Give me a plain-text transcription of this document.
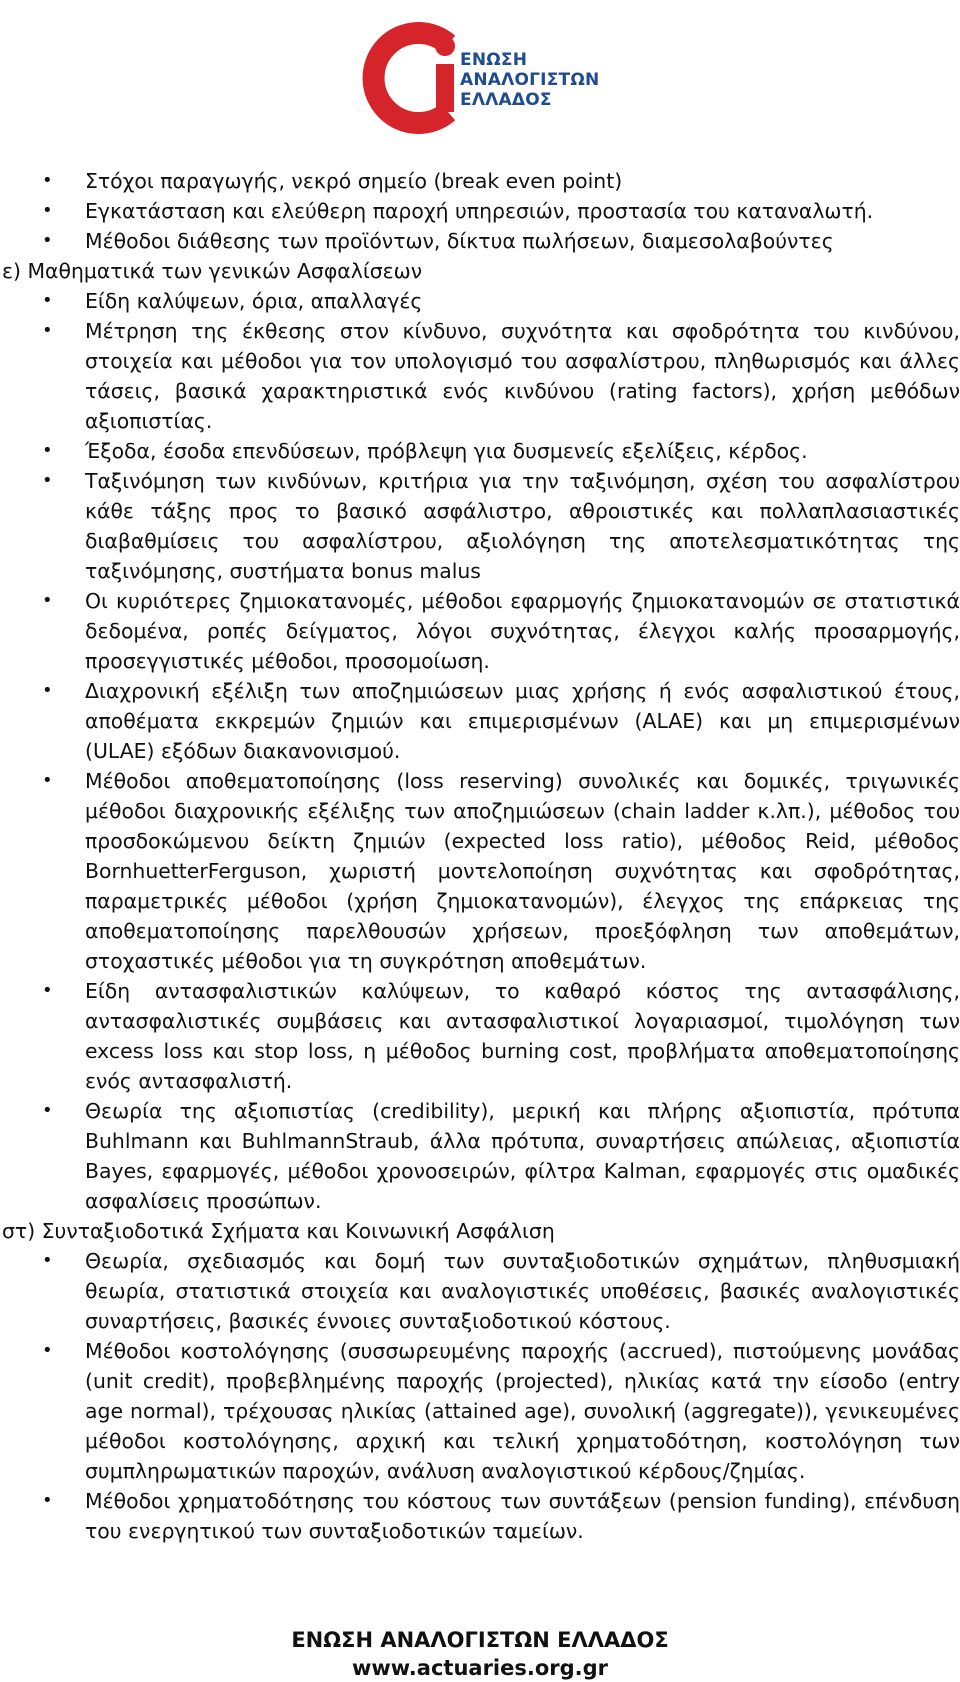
ΕΝΩΣΗ
ΑΝΑΛΟΓΙΣΤΩΝ
ΕΛΛΑΔΟΣ
• Στόχοι παραγωγής, νεκρό σημείο (break even point)
• Εγκατάσταση και ελεύθερη παροχή υπηρεσιών, προστασία του καταναλωτή.
• Μέθοδοι διάθεσης των προϊόντων, δίκτυα πωλήσεων, διαμεσολαβούντες
ε) Μαθηματικά των γενικών Ασφαλίσεων
• Είδη καλύψεων, όρια, απαλλαγές
• Μέτρηση της έκθεσης στον κίνδυνο, συχνότητα και σφοδρότητα του κινδύνου, στοιχεία και μέθοδοι για τον υπολογισμό του ασφαλίστρου, πληθωρισμός και άλλες τάσεις, βασικά χαρακτηριστικά ενός κινδύνου (rating factors), χρήση μεθόδων αξιοπιστίας.
• Έξοδα, έσοδα επενδύσεων, πρόβλεψη για δυσμενείς εξελίξεις, κέρδος.
• Ταξινόμηση των κινδύνων, κριτήρια για την ταξινόμηση, σχέση του ασφαλίστρου κάθε τάξης προς το βασικό ασφάλιστρο, αθροιστικές και πολλαπλασιαστικές διαβαθμίσεις του ασφαλίστρου, αξιολόγηση της αποτελεσματικότητας της ταξινόμησης, συστήματα bonus malus
• Οι κυριότερες ζημιοκατανομές, μέθοδοι εφαρμογής ζημιοκατανομών σε στατιστικά δεδομένα, ροπές δείγματος, λόγοι συχνότητας, έλεγχοι καλής προσαρμογής, προσεγγιστικές μέθοδοι, προσομοίωση.
• Διαχρονική εξέλιξη των αποζημιώσεων μιας χρήσης ή ενός ασφαλιστικού έτους, αποθέματα εκκρεμών ζημιών και επιμερισμένων (ALAE) και μη επιμερισμένων (ULAE) εξόδων διακανονισμού.
• Μέθοδοι αποθεματοποίησης (loss reserving) συνολικές και δομικές, τριγωνικές μέθοδοι διαχρονικής εξέλιξης των αποζημιώσεων (chain ladder κ.λπ.), μέθοδος του προσδοκώμενου δείκτη ζημιών (expected loss ratio), μέθοδος Reid, μέθοδος BornhuetterFerguson, χωριστή μοντελοποίηση συχνότητας και σφοδρότητας, παραμετρικές μέθοδοι (χρήση ζημιοκατανομών), έλεγχος της επάρκειας της αποθεματοποίησης παρελθουσών χρήσεων, προεξόφληση των αποθεμάτων, στοχαστικές μέθοδοι για τη συγκρότηση αποθεμάτων.
• Είδη αντασφαλιστικών καλύψεων, το καθαρό κόστος της αντασφάλισης, αντασφαλιστικές συμβάσεις και αντασφαλιστικοί λογαριασμοί, τιμολόγηση των excess loss και stop loss, η μέθοδος burning cost, προβλήματα αποθεματοποίησης ενός αντασφαλιστή.
• Θεωρία της αξιοπιστίας (credibility), μερική και πλήρης αξιοπιστία, πρότυπα Buhlmann και BuhlmannStraub, άλλα πρότυπα, συναρτήσεις απώλειας, αξιοπιστία Bayes, εφαρμογές, μέθοδοι χρονοσειρών, φίλτρα Kalman, εφαρμογές στις ομαδικές ασφαλίσεις προσώπων.
στ) Συνταξιοδοτικά Σχήματα και Κοινωνική Ασφάλιση
• Θεωρία, σχεδιασμός και δομή των συνταξιοδοτικών σχημάτων, πληθυσμιακή θεωρία, στατιστικά στοιχεία και αναλογιστικές υποθέσεις, βασικές αναλογιστικές συναρτήσεις, βασικές έννοιες συνταξιοδοτικού κόστους.
• Μέθοδοι κοστολόγησης (συσσωρευμένης παροχής (accrued), πιστούμενης μονάδας (unit credit), προβεβλημένης παροχής (projected), ηλικίας κατά την είσοδο (entry age normal), τρέχουσας ηλικίας (attained age), συνολική (aggregate)), γενικευμένες μέθοδοι κοστολόγησης, αρχική και τελική χρηματοδότηση, κοστολόγηση των συμπληρωματικών παροχών, ανάλυση αναλογιστικού κέρδους/ζημίας.
• Μέθοδοι χρηματοδότησης του κόστους των συντάξεων (pension funding), επένδυση του ενεργητικού των συνταξιοδοτικών ταμείων.
ΕΝΩΣΗ ΑΝΑΛΟΓΙΣΤΩΝ ΕΛΛΑΔΟΣ
www.actuaries.org.gr
